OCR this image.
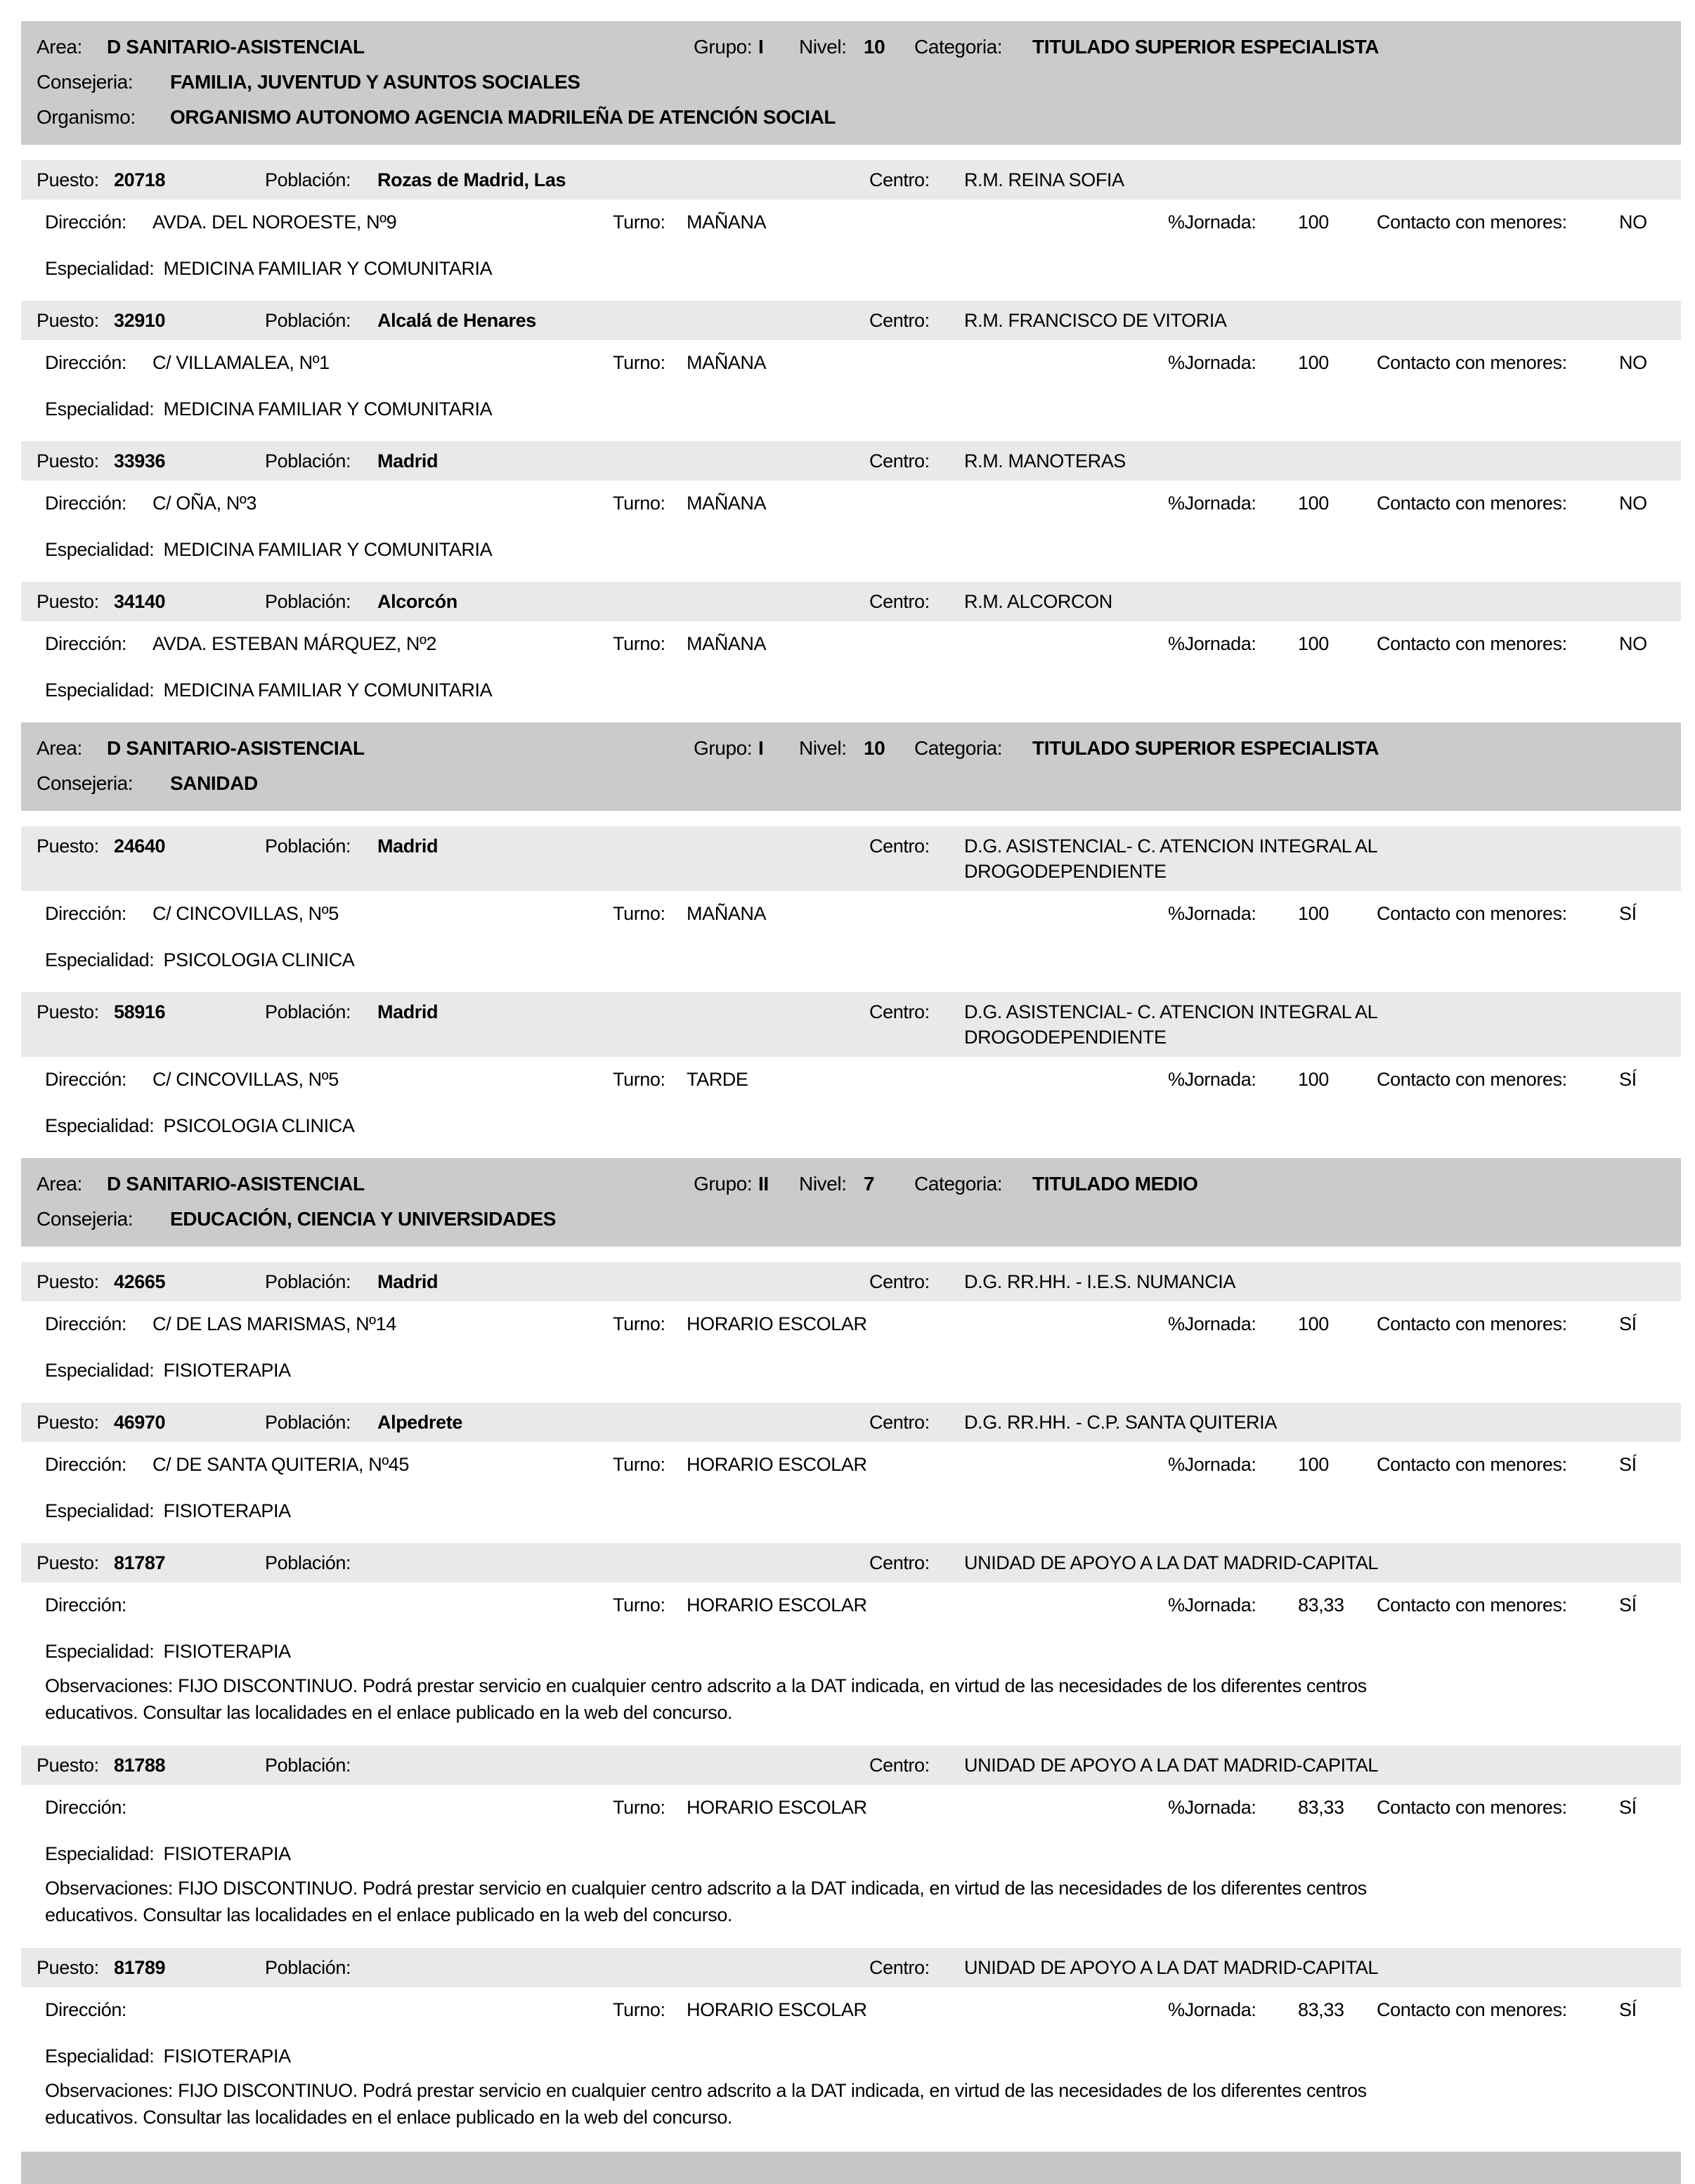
Area:	D SANITARIO-ASISTENCIAL	Grupo: I	Nivel: 10	Categoria:	TITULADO SUPERIOR ESPECIALISTA
Consejeria:	FAMILIA, JUVENTUD Y ASUNTOS SOCIALES
Organismo:	ORGANISMO AUTONOMO AGENCIA MADRILEÑA DE ATENCIÓN SOCIAL
Puesto: 20718	Población:	Rozas de Madrid, Las	Centro:	R.M. REINA SOFIA
Dirección:	AVDA. DEL NOROESTE, Nº9	Turno:	MAÑANA	%Jornada:	100	Contacto con menores:	NO
Especialidad: MEDICINA FAMILIAR Y COMUNITARIA
Puesto: 32910	Población:	Alcalá de Henares	Centro:	R.M. FRANCISCO DE VITORIA
Dirección:	C/ VILLAMALEA, Nº1	Turno:	MAÑANA	%Jornada:	100	Contacto con menores:	NO
Especialidad: MEDICINA FAMILIAR Y COMUNITARIA
Puesto: 33936	Población:	Madrid	Centro:	R.M. MANOTERAS
Dirección:	C/ OÑA, Nº3	Turno:	MAÑANA	%Jornada:	100	Contacto con menores:	NO
Especialidad: MEDICINA FAMILIAR Y COMUNITARIA
Puesto: 34140	Población:	Alcorcón	Centro:	R.M. ALCORCON
Dirección:	AVDA. ESTEBAN MÁRQUEZ, Nº2	Turno:	MAÑANA	%Jornada:	100	Contacto con menores:	NO
Especialidad: MEDICINA FAMILIAR Y COMUNITARIA
Area:	D SANITARIO-ASISTENCIAL	Grupo: I	Nivel: 10	Categoria:	TITULADO SUPERIOR ESPECIALISTA
Consejeria:	SANIDAD
Puesto: 24640	Población:	Madrid	Centro:	D.G. ASISTENCIAL- C. ATENCION INTEGRAL AL DROGODEPENDIENTE
Dirección:	C/ CINCOVILLAS, Nº5	Turno:	MAÑANA	%Jornada:	100	Contacto con menores:	SÍ
Especialidad: PSICOLOGIA CLINICA
Puesto: 58916	Población:	Madrid	Centro:	D.G. ASISTENCIAL- C. ATENCION INTEGRAL AL DROGODEPENDIENTE
Dirección:	C/ CINCOVILLAS, Nº5	Turno:	TARDE	%Jornada:	100	Contacto con menores:	SÍ
Especialidad: PSICOLOGIA CLINICA
Area:	D SANITARIO-ASISTENCIAL	Grupo: II	Nivel: 7	Categoria:	TITULADO MEDIO
Consejeria:	EDUCACIÓN, CIENCIA Y UNIVERSIDADES
Puesto: 42665	Población:	Madrid	Centro:	D.G. RR.HH. - I.E.S. NUMANCIA
Dirección:	C/ DE LAS MARISMAS, Nº14	Turno:	HORARIO ESCOLAR	%Jornada:	100	Contacto con menores:	SÍ
Especialidad: FISIOTERAPIA
Puesto: 46970	Población:	Alpedrete	Centro:	D.G. RR.HH. - C.P. SANTA QUITERIA
Dirección:	C/ DE SANTA QUITERIA, Nº45	Turno:	HORARIO ESCOLAR	%Jornada:	100	Contacto con menores:	SÍ
Especialidad: FISIOTERAPIA
Puesto: 81787	Población:	Centro:	UNIDAD DE APOYO A LA DAT MADRID-CAPITAL
Dirección:	Turno:	HORARIO ESCOLAR	%Jornada:	83,33	Contacto con menores:	SÍ
Especialidad: FISIOTERAPIA
Observaciones: FIJO DISCONTINUO. Podrá prestar servicio en cualquier centro adscrito a la DAT indicada, en virtud de las necesidades de los diferentes centros educativos. Consultar las localidades en el enlace publicado en la web del concurso.
Puesto: 81788	Población:	Centro:	UNIDAD DE APOYO A LA DAT MADRID-CAPITAL
Dirección:	Turno:	HORARIO ESCOLAR	%Jornada:	83,33	Contacto con menores:	SÍ
Especialidad: FISIOTERAPIA
Observaciones: FIJO DISCONTINUO. Podrá prestar servicio en cualquier centro adscrito a la DAT indicada, en virtud de las necesidades de los diferentes centros educativos. Consultar las localidades en el enlace publicado en la web del concurso.
Puesto: 81789	Población:	Centro:	UNIDAD DE APOYO A LA DAT MADRID-CAPITAL
Dirección:	Turno:	HORARIO ESCOLAR	%Jornada:	83,33	Contacto con menores:	SÍ
Especialidad: FISIOTERAPIA
Observaciones: FIJO DISCONTINUO. Podrá prestar servicio en cualquier centro adscrito a la DAT indicada, en virtud de las necesidades de los diferentes centros educativos. Consultar las localidades en el enlace publicado en la web del concurso.
